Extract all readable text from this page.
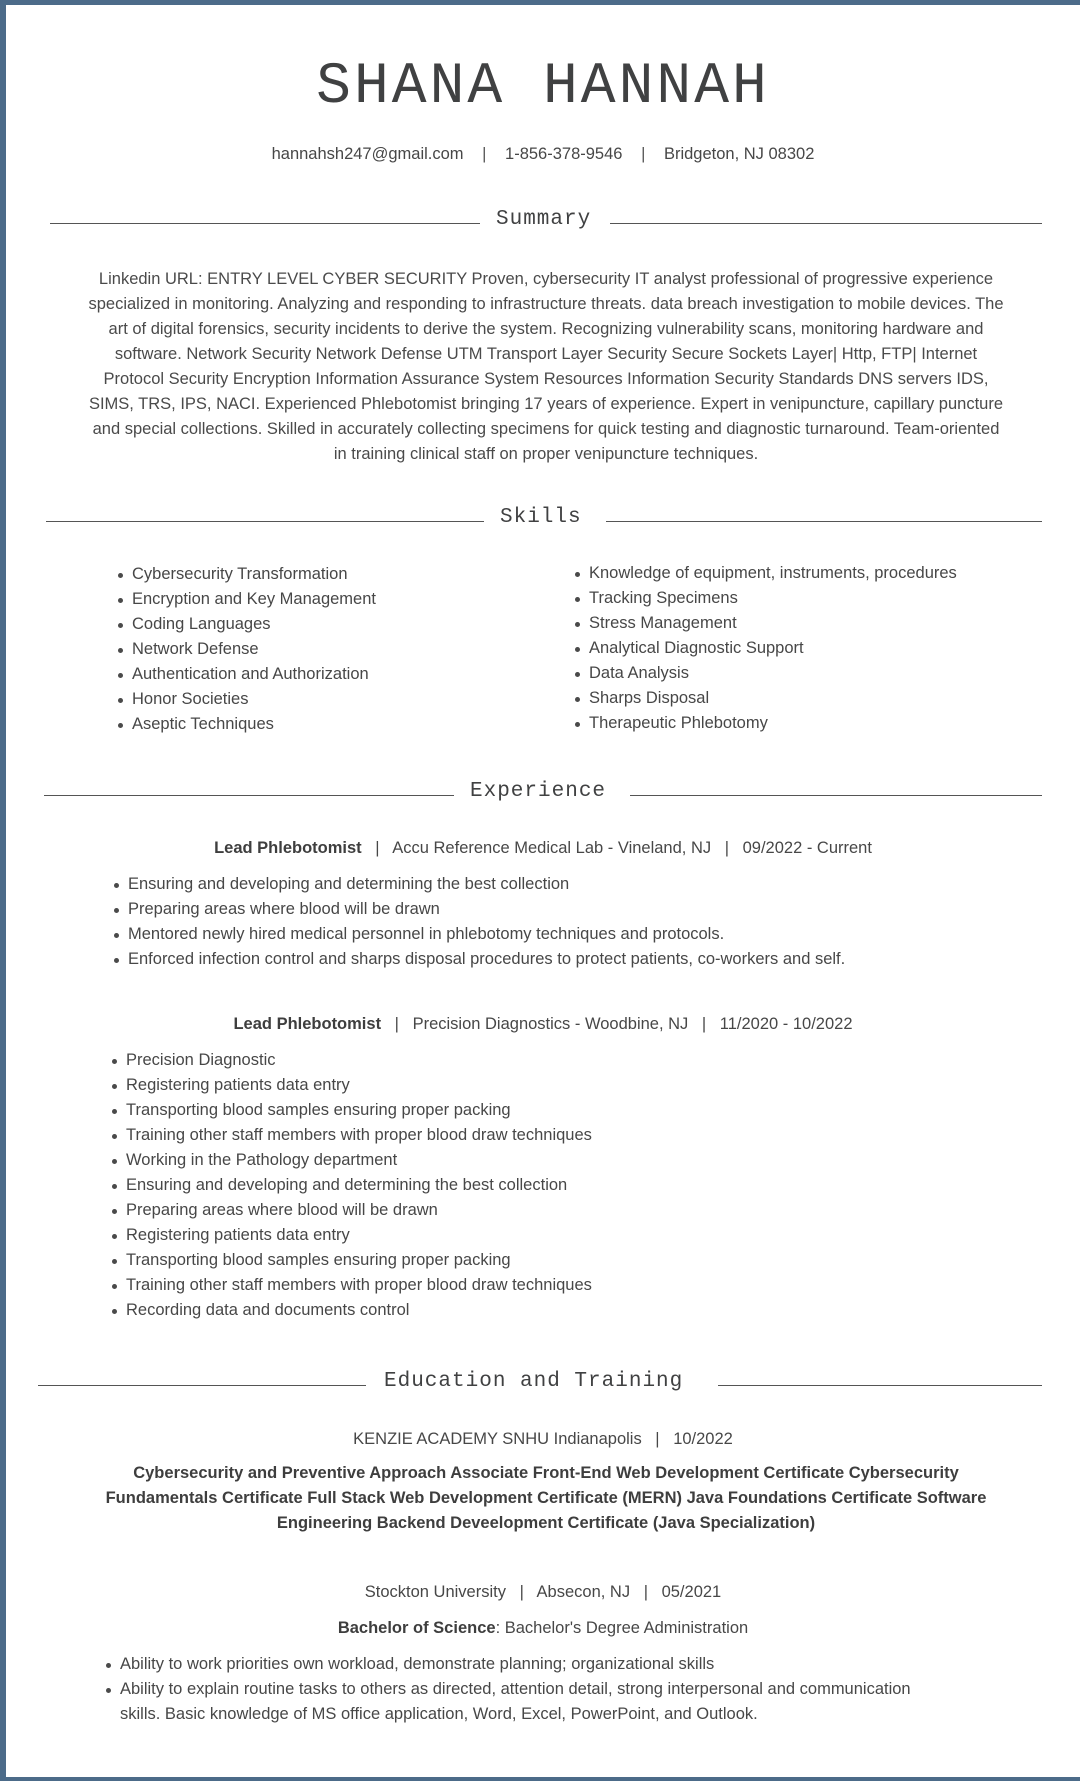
SHANA HANNAH
hannahsh247@gmail.com | 1-856-378-9546 | Bridgeton, NJ 08302
Summary
Linkedin URL: ENTRY LEVEL CYBER SECURITY Proven, cybersecurity IT analyst professional of progressive experience specialized in monitoring. Analyzing and responding to infrastructure threats. data breach investigation to mobile devices. The art of digital forensics, security incidents to derive the system. Recognizing vulnerability scans, monitoring hardware and software. Network Security Network Defense UTM Transport Layer Security Secure Sockets Layer| Http, FTP| Internet Protocol Security Encryption Information Assurance System Resources Information Security Standards DNS servers IDS, SIMS, TRS, IPS, NACI. Experienced Phlebotomist bringing 17 years of experience. Expert in venipuncture, capillary puncture and special collections. Skilled in accurately collecting specimens for quick testing and diagnostic turnaround. Team-oriented in training clinical staff on proper venipuncture techniques.
Skills
Cybersecurity Transformation
Encryption and Key Management
Coding Languages
Network Defense
Authentication and Authorization
Honor Societies
Aseptic Techniques
Knowledge of equipment, instruments, procedures
Tracking Specimens
Stress Management
Analytical Diagnostic Support
Data Analysis
Sharps Disposal
Therapeutic Phlebotomy
Experience
Lead Phlebotomist | Accu Reference Medical Lab - Vineland, NJ | 09/2022 - Current
Ensuring and developing and determining the best collection
Preparing areas where blood will be drawn
Mentored newly hired medical personnel in phlebotomy techniques and protocols.
Enforced infection control and sharps disposal procedures to protect patients, co-workers and self.
Lead Phlebotomist | Precision Diagnostics - Woodbine, NJ | 11/2020 - 10/2022
Precision Diagnostic
Registering patients data entry
Transporting blood samples ensuring proper packing
Training other staff members with proper blood draw techniques
Working in the Pathology department
Ensuring and developing and determining the best collection
Preparing areas where blood will be drawn
Registering patients data entry
Transporting blood samples ensuring proper packing
Training other staff members with proper blood draw techniques
Recording data and documents control
Education and Training
KENZIE ACADEMY SNHU Indianapolis | 10/2022
Cybersecurity and Preventive Approach Associate Front-End Web Development Certificate Cybersecurity Fundamentals Certificate Full Stack Web Development Certificate (MERN) Java Foundations Certificate Software Engineering Backend Deveelopment Certificate (Java Specialization)
Stockton University | Absecon, NJ | 05/2021
Bachelor of Science: Bachelor's Degree Administration
Ability to work priorities own workload, demonstrate planning; organizational skills
Ability to explain routine tasks to others as directed, attention detail, strong interpersonal and communication
skills. Basic knowledge of MS office application, Word, Excel, PowerPoint, and Outlook.
